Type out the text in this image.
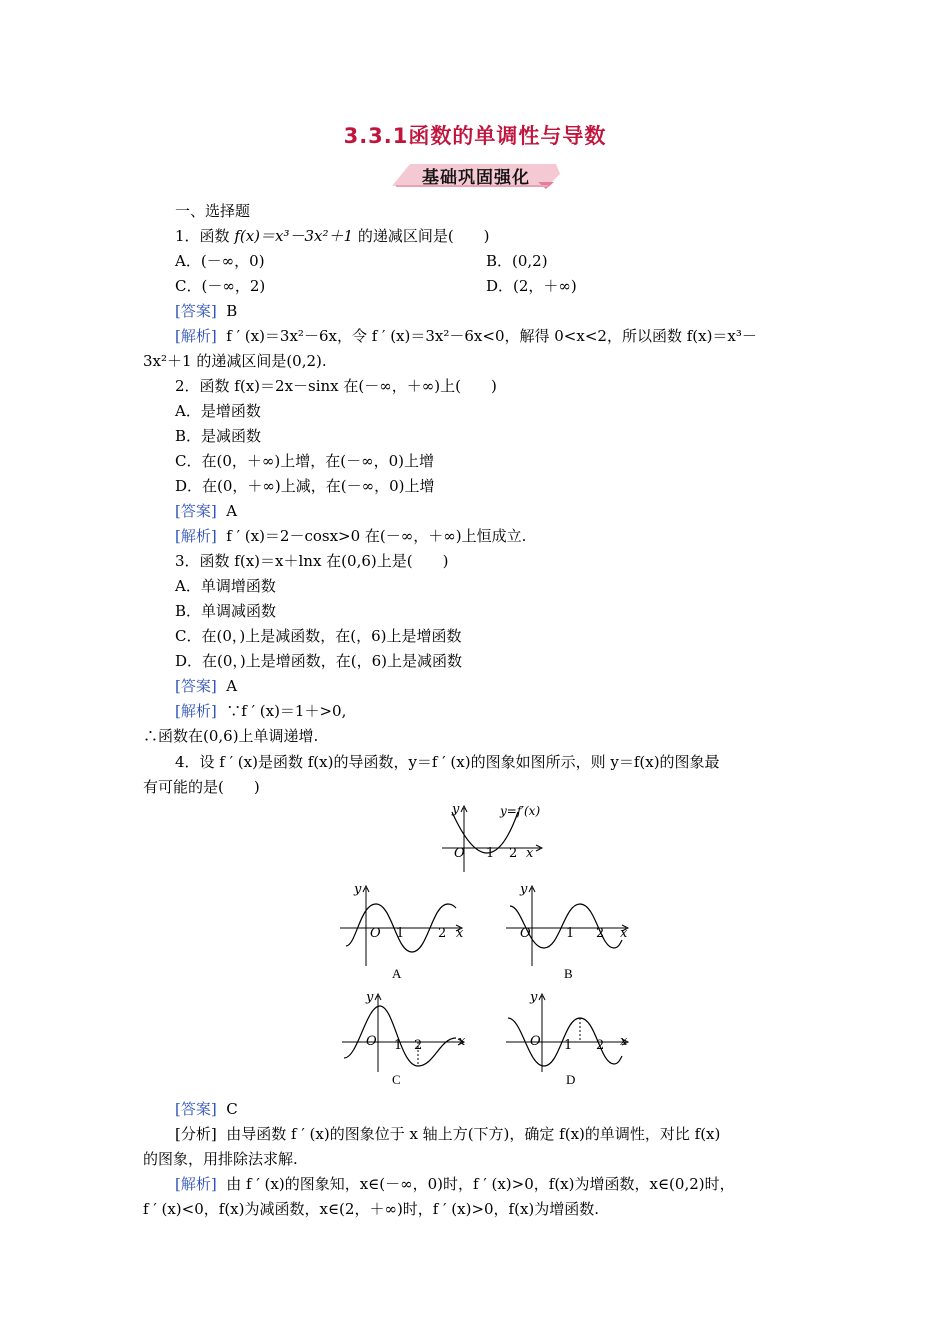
3.3.1函数的单调性与导数
基础巩固强化
一、选择题
1．函数 f(x)＝x³－3x²＋1 的递减区间是(　　)
A．(－∞，0)	B．(0,2)
C．(－∞，2)	D．(2，＋∞)
[答案] B
[解析] f ′ (x)＝3x²－6x，令 f ′ (x)＝3x²－6x<0，解得 0<x<2，所以函数 f(x)＝x³－
3x²＋1 的递减区间是(0,2).
2．函数 f(x)＝2x－sinx 在(－∞，＋∞)上(　　)
A．是增函数
B．是减函数
C．在(0，＋∞)上增，在(－∞，0)上增
D．在(0，＋∞)上减，在(－∞，0)上增
[答案] A
[解析] f ′ (x)＝2－cosx>0 在(－∞，＋∞)上恒成立.
3．函数 f(x)＝x＋lnx 在(0,6)上是(　　)
A．单调增函数
B．单调减函数
C．在(0，)上是减函数，在(，6)上是增函数
D．在(0，)上是增函数，在(，6)上是减函数
[答案] A
[解析] ∵f ′ (x)＝1＋>0,
∴函数在(0,6)上单调递增.
4．设 f ′ (x)是函数 f(x)的导函数，y＝f ′ (x)的图象如图所示，则 y＝f(x)的图象最
有可能的是(　　)
y	y=f′(x)
O 1 2 x
y
O 1	2 x
A
y
O	1 2 x
B
y
O 1 2	x
C
y
O 1 2 x
D
[答案] C
[分析] 由导函数 f ′ (x)的图象位于 x 轴上方(下方)，确定 f(x)的单调性，对比 f(x)
的图象，用排除法求解.
[解析] 由 f ′ (x)的图象知，x∈(－∞，0)时，f ′ (x)>0，f(x)为增函数，x∈(0,2)时，
f ′ (x)<0，f(x)为减函数，x∈(2，＋∞)时，f ′ (x)>0，f(x)为增函数.
